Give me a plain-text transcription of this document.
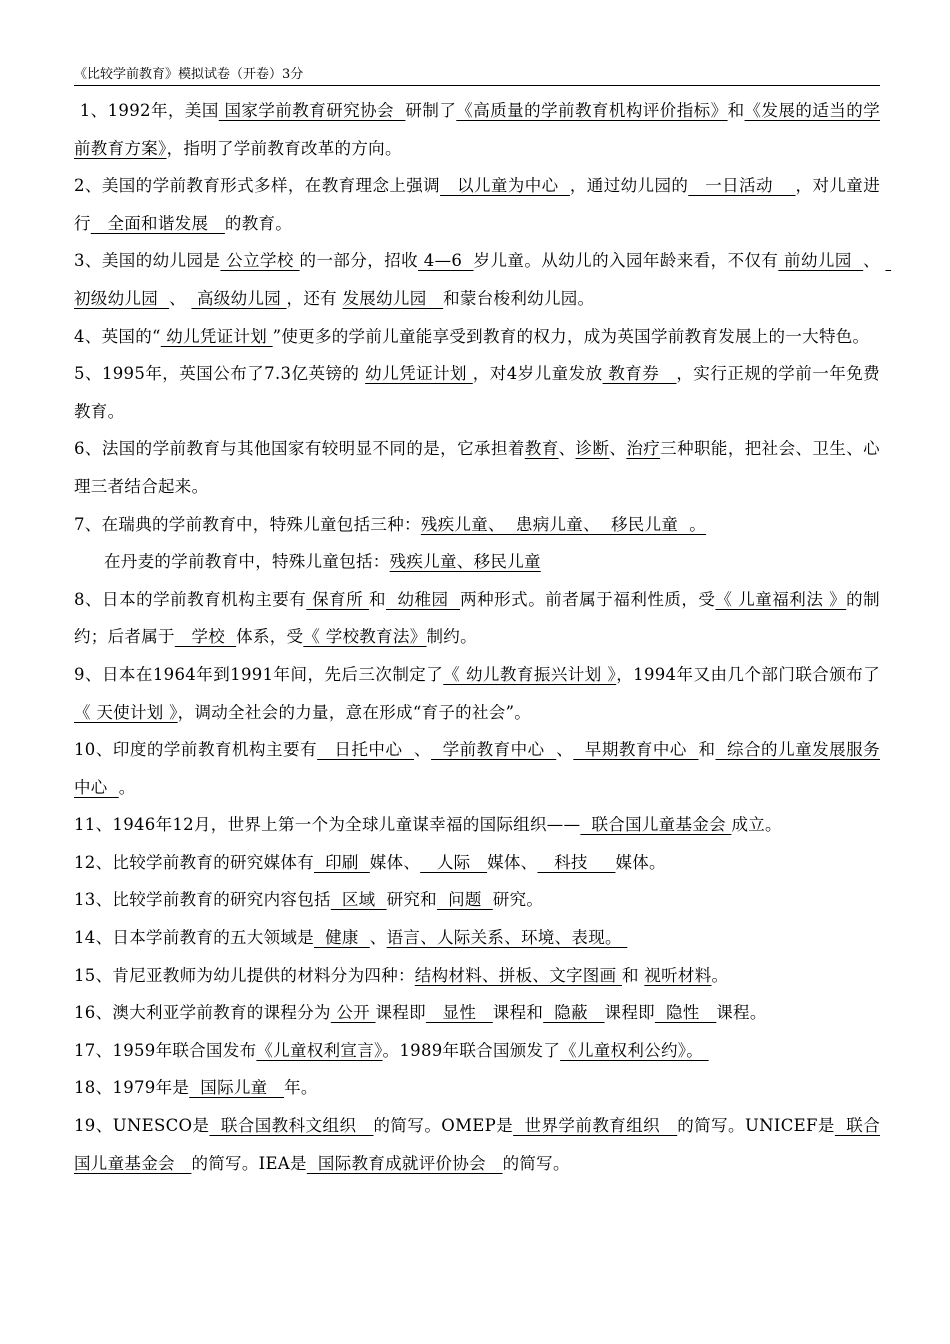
《比较学前教育》模拟试卷（开卷）3分

1、1992年，美国 国家学前教育研究协会  研制了《高质量的学前教育机构评价指标》和《发展的适当的学前教育方案》，指明了学前教育改革的方向。

2、美国的学前教育形式多样，在教育理念上强调   以儿童为中心  ，通过幼儿园的   一日活动    ，对儿童进行   全面和谐发展   的教育。

3、美国的幼儿园是 公立学校 的一部分，招收 4—6  岁儿童。从幼儿的入园年龄来看，不仅有 前幼儿园  、  初级幼儿园  、  高级幼儿园 ，还有 发展幼儿园   和蒙台梭利幼儿园。

4、英国的“ 幼儿凭证计划 ”使更多的学前儿童能享受到教育的权力，成为英国学前教育发展上的一大特色。

5、1995年，英国公布了7.3亿英镑的 幼儿凭证计划 ，对4岁儿童发放 教育券   ，实行正规的学前一年免费教育。

6、法国的学前教育与其他国家有较明显不同的是，它承担着教育、诊断、治疗三种职能，把社会、卫生、心理三者结合起来。

7、在瑞典的学前教育中，特殊儿童包括三种：残疾儿童、  患病儿童、  移民儿童  。

在丹麦的学前教育中，特殊儿童包括：残疾儿童、移民儿童

8、日本的学前教育机构主要有 保育所 和  幼稚园  两种形式。前者属于福利性质，受《 儿童福利法 》的制约；后者属于   学校  体系，受《 学校教育法》制约。

9、日本在1964年到1991年间，先后三次制定了《 幼儿教育振兴计划 》，1994年又由几个部门联合颁布了《 天使计划 》，调动全社会的力量，意在形成“育子的社会”。

10、印度的学前教育机构主要有   日托中心  、  学前教育中心  、  早期教育中心  和  综合的儿童发展服务中心  。

11、1946年12月，世界上第一个为全球儿童谋幸福的国际组织——  联合国儿童基金会 成立。

12、比较学前教育的研究媒体有  印刷  媒体、   人际   媒体、   科技     媒体。

13、比较学前教育的研究内容包括  区域  研究和  问题  研究。

14、日本学前教育的五大领域是  健康  、语言、人际关系、环境、表现。

15、肯尼亚教师为幼儿提供的材料分为四种：结构材料、拼板、文字图画 和 视听材料。

16、澳大利亚学前教育的课程分为 公开 课程即   显性   课程和  隐蔽   课程即  隐性   课程。

17、1959年联合国发布《儿童权利宣言》。1989年联合国颁发了《儿童权利公约》。

18、1979年是  国际儿童   年。

19、UNESCO是  联合国教科文组织   的简写。OMEP是  世界学前教育组织   的简写。UNICEF是  联合国儿童基金会   的简写。IEA是  国际教育成就评价协会   的简写。
